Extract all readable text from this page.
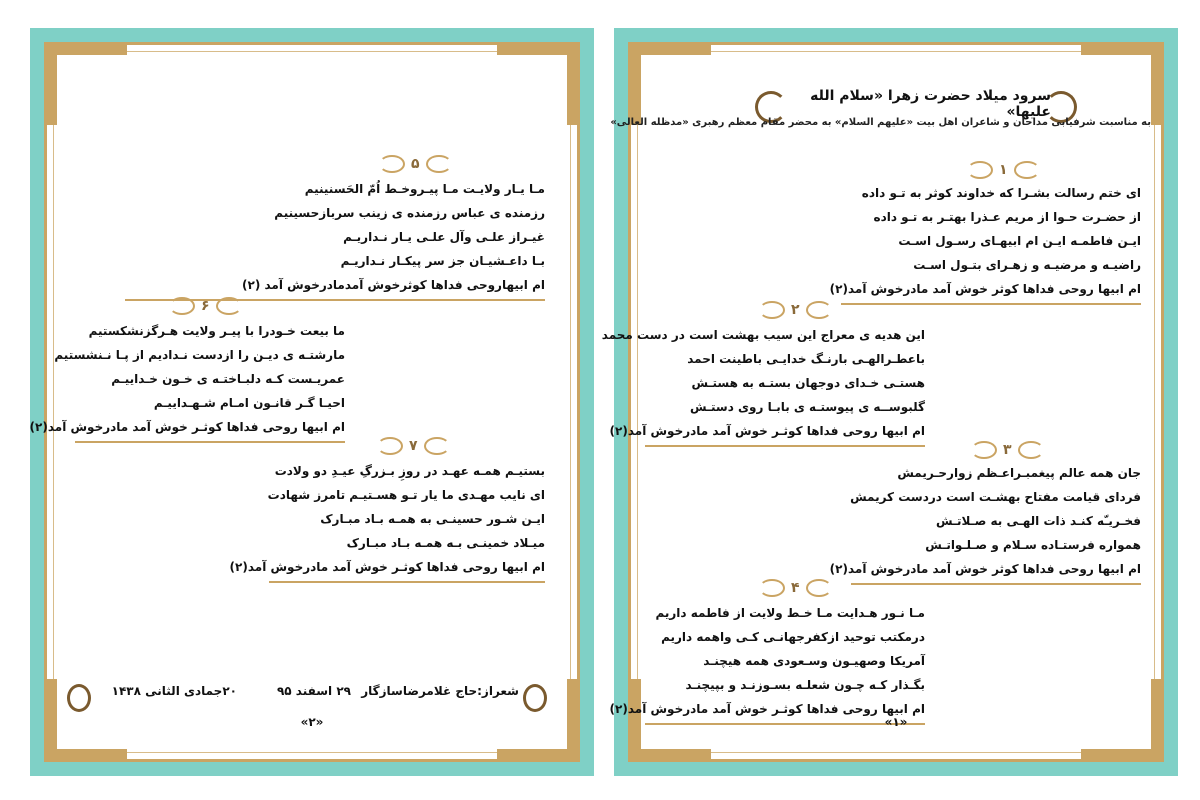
۵
مـا یـار ولایـت مـا پیـروخـط اُمّ الحَسنینیم
رزمنده ی عباس رزمنده ی زینب سربازحسینیم
غیـراز علـی وآل علـی یـار نـداریـم
بـا داعـشیـان جز سر پیکـار نـداریـم
ام ابیهاروحی فداها کوثرخوش آمدمادرخوش آمد (۲)
۶
ما بیعت خـودرا با پیـر ولایت هـرگزنشکستیم
مارشتـه ی دیـن را ازدست نـدادیم از پـا نـنشستیم
عمریـست کـه دلبـاختـه ی خـون خـداییـم
احیـا گـر قانـون امـام شـهـداییـم
ام ابیها روحی فداها کوثـر خوش آمد مادرخوش آمد(۲)
۷
بستیـم همـه عهـد در روزِ بـزرگِ عیـدِ دو ولادت
ای نایب مهـدی ما یار تـو هسـتیـم تامرز شهادت
ایـن شـور حسینـی به همـه بـاد مبـارک
میـلاد خمینـی بـه همـه بـاد مبـارک
ام ابیها روحی فداها کوثـر خوش آمد مادرخوش آمد(۲)
شعراز:حاج غلامرضاسازگار
۲۹ اسفند ۹۵
۲۰جمادی الثانی ۱۴۳۸
«۲»
سرود میلاد حضرت زهرا «سلام الله علیها»
به مناسبت شرفیابی مداحان و شاعران اهل بیت «علیهم السلام» به محضر مقام معظم رهبری «مدظله العالی»
۱
ای ختم رسالت بشـرا که خداوند کوثر به تـو داده
از حضـرت حـوا از مریم عـذرا بهتـر به تـو داده
ایـن فاطمـه ایـن ام ابیهـای رسـول اسـت
راضیـه و مرضیـه و زهـرای بتـول اسـت
ام ابیها روحی فداها کوثر خوش آمد مادرخوش آمد(۲)
۲
این هدیه ی معراج این سیب بهشت است در دست محمد
باعطـرالهـی بارنـگ خدایـی باطینت احمد
هستـی خـدای دوجهان بستـه به هستـش
گلبوســه ی پیوستـه ی بابـا روی دستـش
ام ابیها روحی فداها کوثـر خوش آمد مادرخوش آمد(۲)
۳
جان همه عالم پیغمبـراعـظم زوارحـریمش
فردای قیامت مفتاح بهشـت است دردست کریمش
فخـریـّه کنـد ذات الهـی به صـلاتـش
همواره فرستـاده سـلام و صـلـواتـش
ام ابیها روحی فداها کوثر خوش آمد مادرخوش آمد(۲)
۴
مـا نـور هـدایت مـا خـط ولایت از فاطمه داریم
درمکتب توحید ازکفرجهانـی کـی واهمه داریم
آمریکا وصهیـون وسـعودی همه هیچنـد
بگـذار کـه چـون شعلـه بسـوزنـد و بپیچنـد
ام ابیها روحی فداها کوثـر خوش آمد مادرخوش آمد(۲)
«۱»
